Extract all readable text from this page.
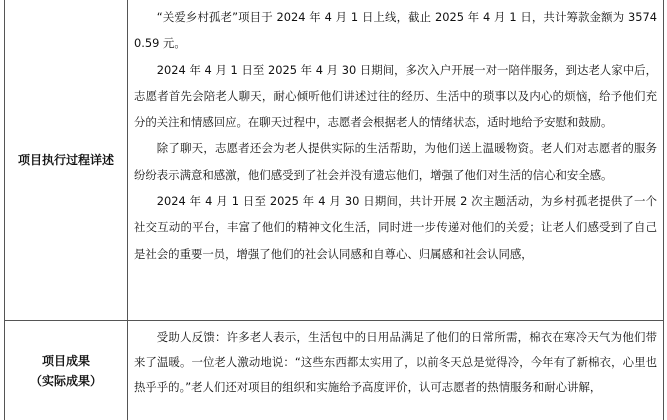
项目执行过程详述

“关爱乡村孤老”项目于 2024 年 4 月 1 日上线，截止 2025 年 4 月 1 日，共计筹款金额为 35740.59 元。

2024 年 4 月 1 日至 2025 年 4 月 30 日期间，多次入户开展一对一陪伴服务，到达老人家中后，志愿者首先会陪老人聊天，耐心倾听他们讲述过往的经历、生活中的琐事以及内心的烦恼，给予他们充分的关注和情感回应。在聊天过程中，志愿者会根据老人的情绪状态，适时地给予安慰和鼓励。

除了聊天，志愿者还会为老人提供实际的生活帮助，为他们送上温暖物资。老人们对志愿者的服务纷纷表示满意和感激，他们感受到了社会并没有遗忘他们，增强了他们对生活的信心和安全感。

2024 年 4 月 1 日至 2025 年 4 月 30 日期间，共计开展 2 次主题活动，为乡村孤老提供了一个社交互动的平台，丰富了他们的精神文化生活，同时进一步传递对他们的关爱；让老人们感受到了自己是社会的重要一员，增强了他们的社会认同感和自尊心、归属感和社会认同感，

项目成果
（实际成果）

受助人反馈：许多老人表示，生活包中的日用品满足了他们的日常所需，棉衣在寒冷天气为他们带来了温暖。一位老人激动地说：“这些东西都太实用了，以前冬天总是觉得冷，今年有了新棉衣，心里也热乎乎的。”老人们还对项目的组织和实施给予高度评价，认可志愿者的热情服务和耐心讲解，
